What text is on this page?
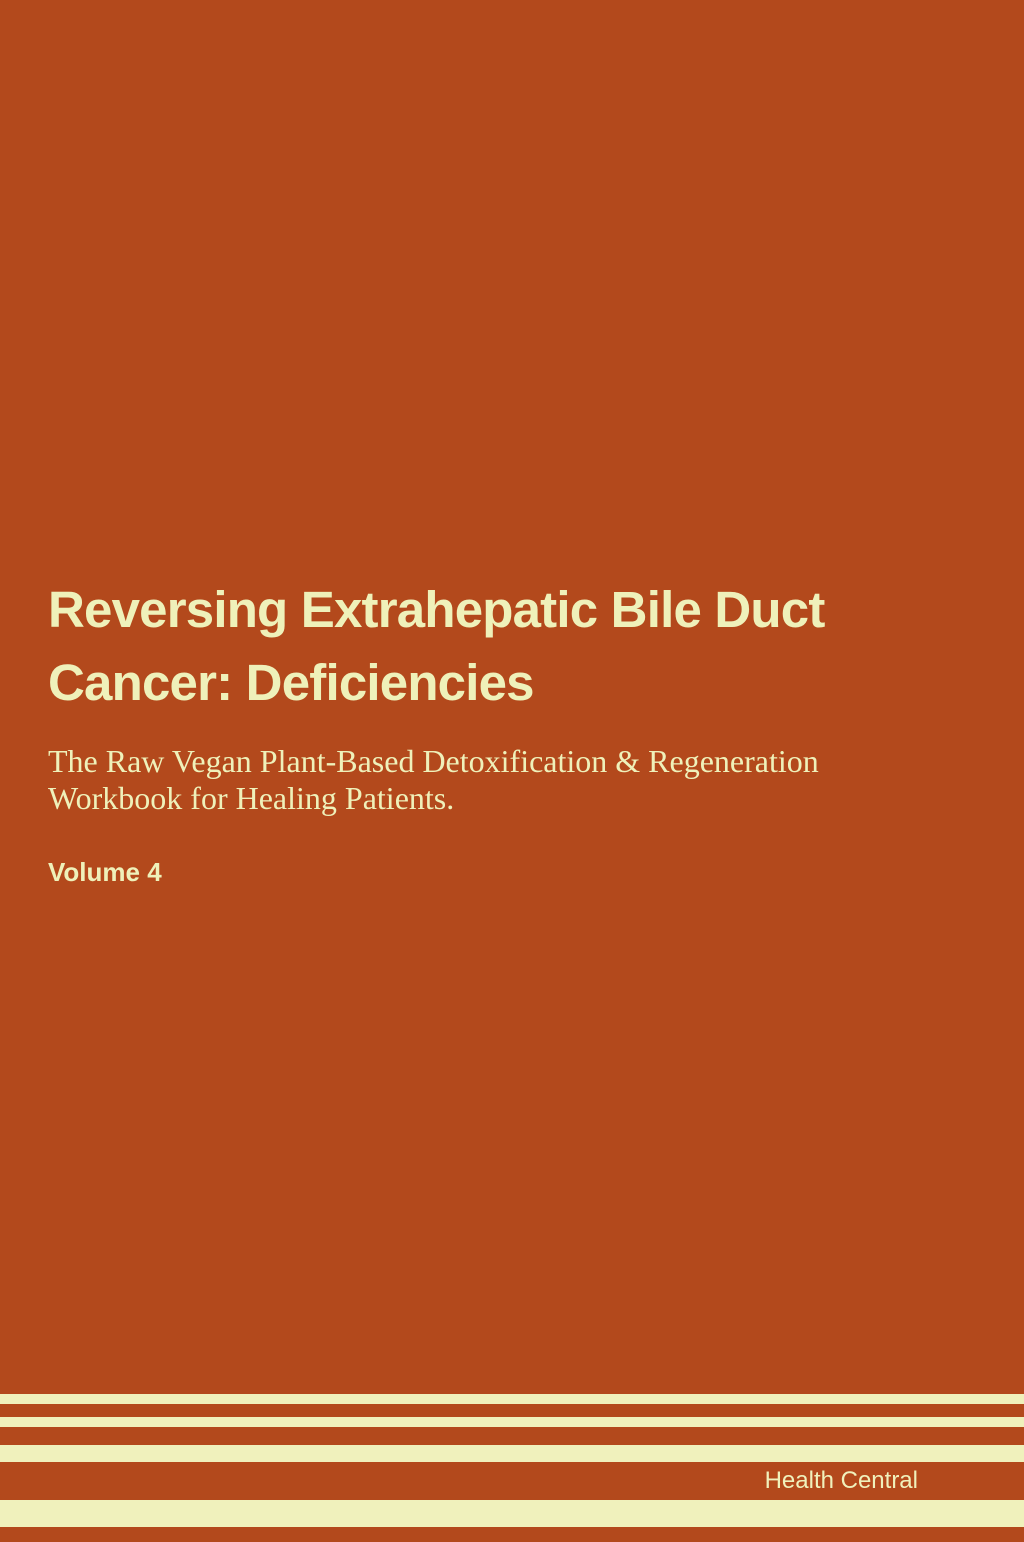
Reversing Extrahepatic Bile Duct
Cancer: Deficiencies

The Raw Vegan Plant-Based Detoxification & Regeneration
Workbook for Healing Patients.

Volume 4

Health Central
